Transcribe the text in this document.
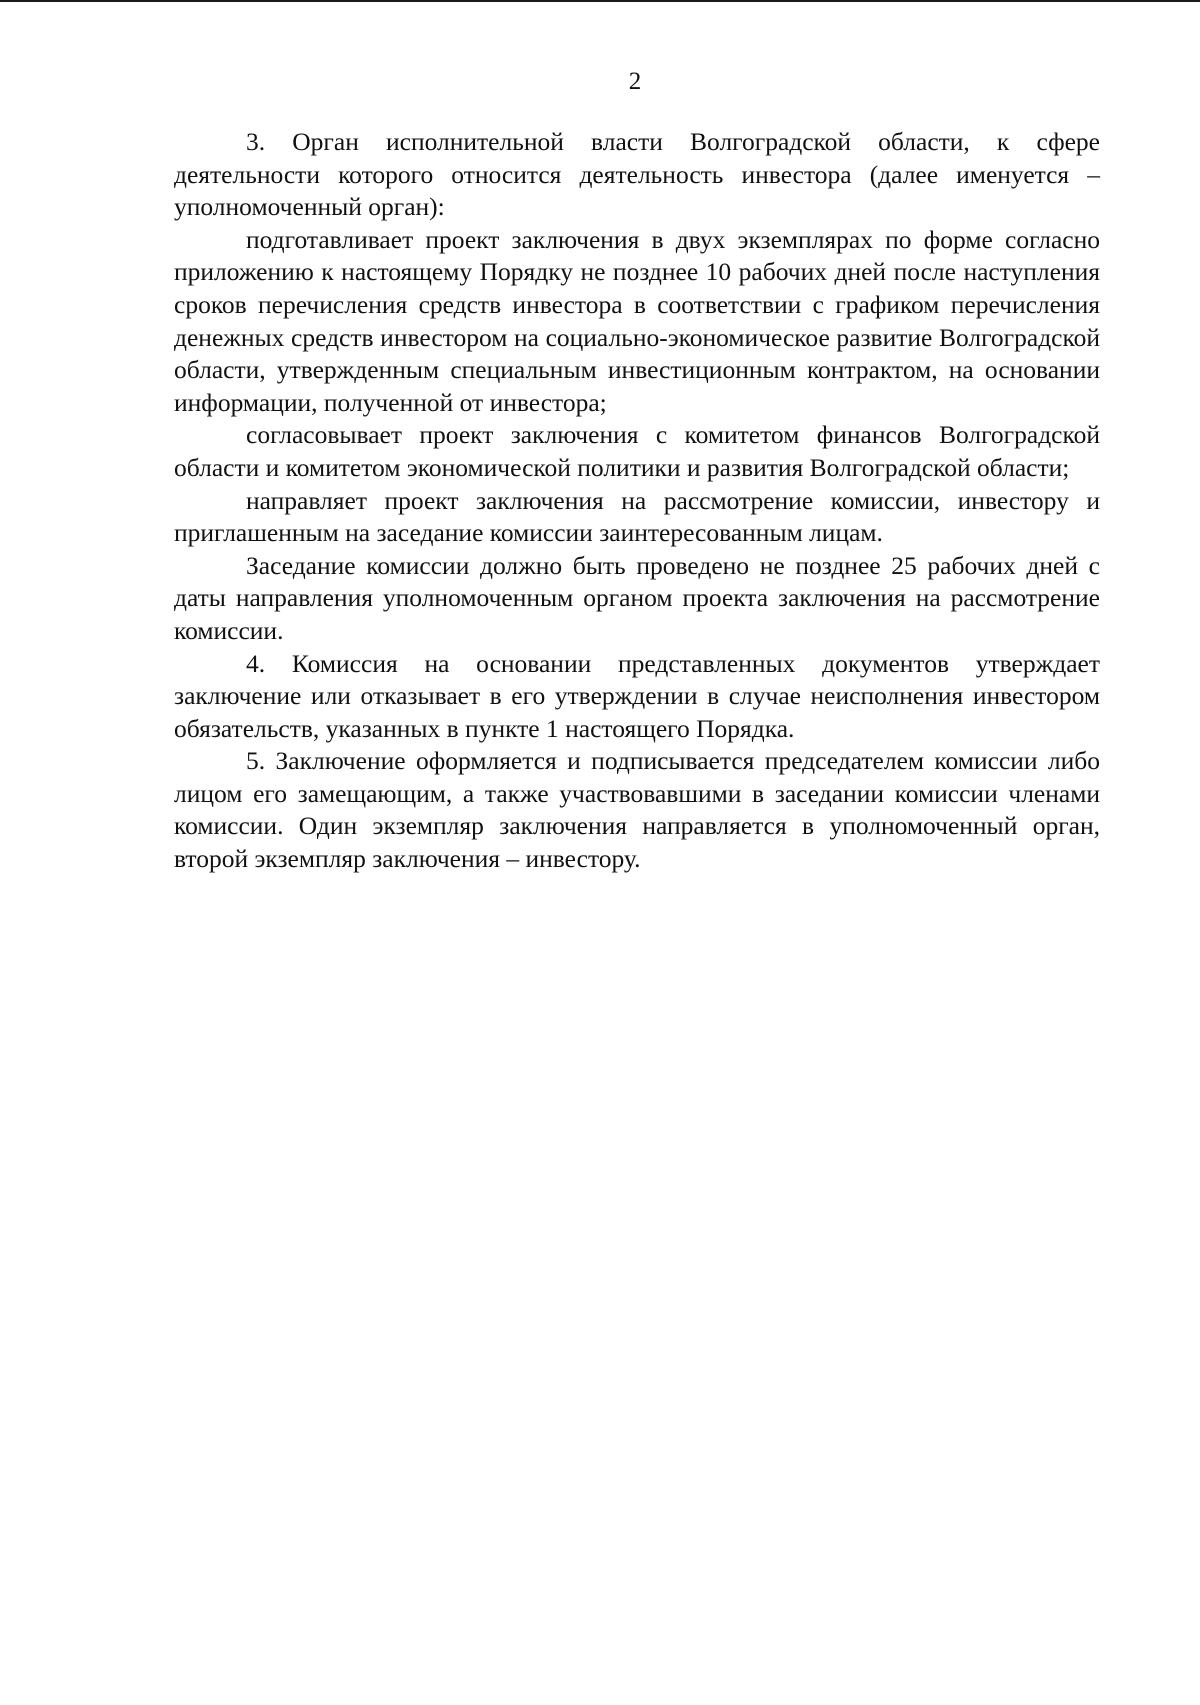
2

3. Орган исполнительной власти Волгоградской области, к сфере деятельности которого относится деятельность инвестора (далее именуется – уполномоченный орган):

подготавливает проект заключения в двух экземплярах по форме согласно приложению к настоящему Порядку не позднее 10 рабочих дней после наступления сроков перечисления средств инвестора в соответствии с графиком перечисления денежных средств инвестором на социально-экономическое развитие Волгоградской области, утвержденным специальным инвестиционным контрактом, на основании информации, полученной от инвестора;

согласовывает проект заключения с комитетом финансов Волгоградской области и комитетом экономической политики и развития Волгоградской области;

направляет проект заключения на рассмотрение комиссии, инвестору и приглашенным на заседание комиссии заинтересованным лицам.

Заседание комиссии должно быть проведено не позднее 25 рабочих дней с даты направления уполномоченным органом проекта заключения на рассмотрение комиссии.

4. Комиссия на основании представленных документов утверждает заключение или отказывает в его утверждении в случае неисполнения инвестором обязательств, указанных в пункте 1 настоящего Порядка.

5. Заключение оформляется и подписывается председателем комиссии либо лицом его замещающим, а также участвовавшими в заседании комиссии членами комиссии. Один экземпляр заключения направляется в уполномоченный орган, второй экземпляр заключения – инвестору.
